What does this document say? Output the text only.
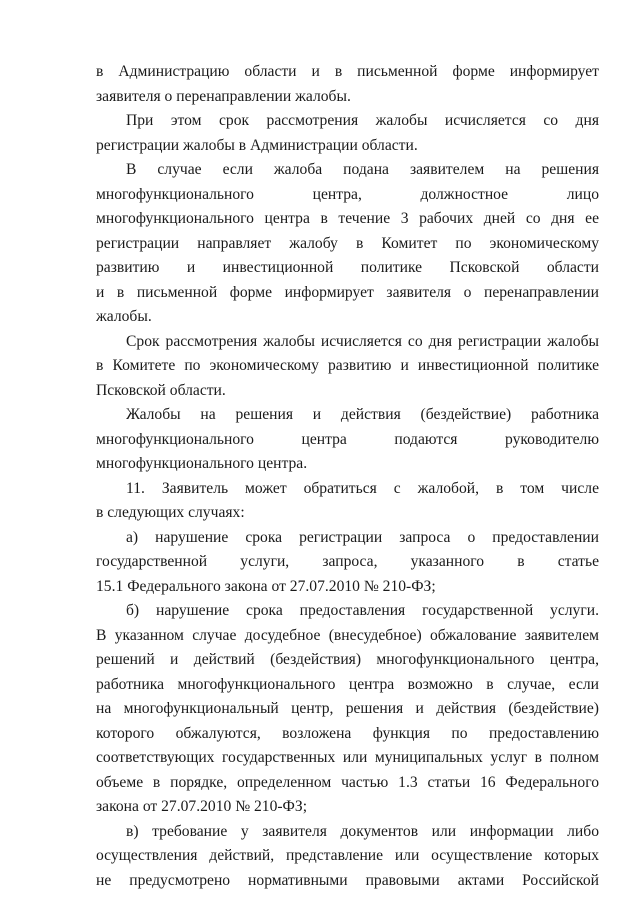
в Администрацию области и в письменной форме информирует
заявителя о перенаправлении жалобы.

При этом срок рассмотрения жалобы исчисляется со дня
регистрации жалобы в Администрации области.

В случае если жалоба подана заявителем на решения
многофункционального центра, должностное лицо
многофункционального центра в течение 3 рабочих дней со дня ее
регистрации направляет жалобу в Комитет по экономическому
развитию и инвестиционной политике Псковской области
и в письменной форме информирует заявителя о перенаправлении
жалобы.

Срок рассмотрения жалобы исчисляется со дня регистрации жалобы
в Комитете по экономическому развитию и инвестиционной политике
Псковской области.

Жалобы на решения и действия (бездействие) работника
многофункционального центра подаются руководителю
многофункционального центра.

11. Заявитель может обратиться с жалобой, в том числе
в следующих случаях:

а) нарушение срока регистрации запроса о предоставлении
государственной услуги, запроса, указанного в статье
15.1 Федерального закона от 27.07.2010 № 210-ФЗ;

б) нарушение срока предоставления государственной услуги.
В указанном случае досудебное (внесудебное) обжалование заявителем
решений и действий (бездействия) многофункционального центра,
работника многофункционального центра возможно в случае, если
на многофункциональный центр, решения и действия (бездействие)
которого обжалуются, возложена функция по предоставлению
соответствующих государственных или муниципальных услуг в полном
объеме в порядке, определенном частью 1.3 статьи 16 Федерального
закона от 27.07.2010 № 210-ФЗ;

в) требование у заявителя документов или информации либо
осуществления действий, представление или осуществление которых
не предусмотрено нормативными правовыми актами Российской
